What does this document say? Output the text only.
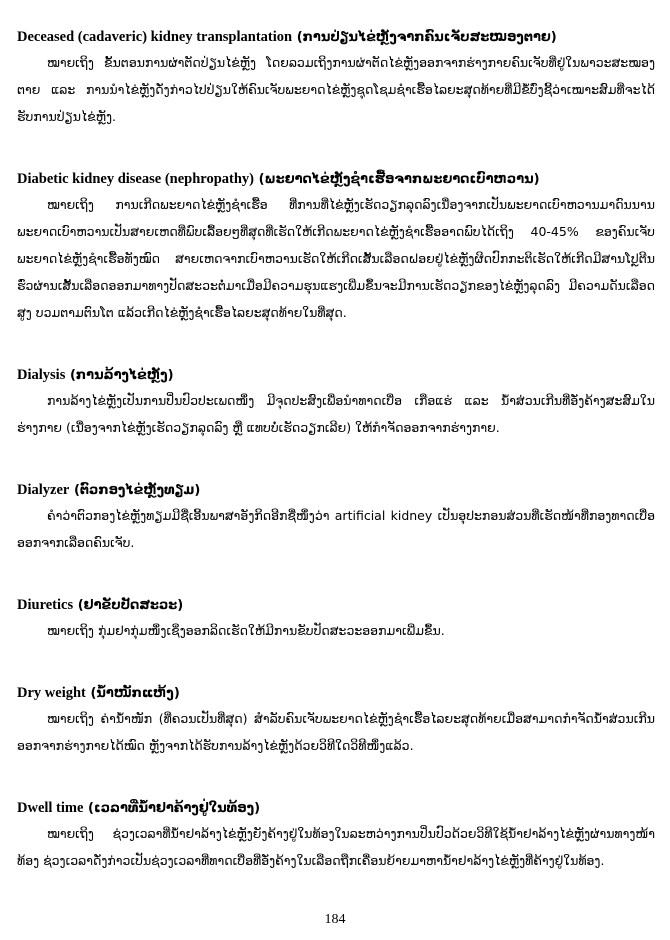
Deceased (cadaveric) kidney transplantation (ການປ່ຽນໄຂ່ຫຼັງຈາກຄົນເຈັບສະໝອງຕາຍ)

ໝາຍເຖິງ ຂັ້ນຕອນການຜ່າຕັດປ່ຽນໄຂ່ຫຼັງ ໂດຍລວມເຖິງການຜ່າຕັດໄຂ່ຫຼັງອອກຈາກຮ່າງກາຍຄົນເຈັບທີ່ຢູ່ໃນພາວະສະໝອງຕາຍ ແລະ ການນຳໄຂ່ຫຼັງດັ່ງກ່າວໄປປ່ຽນໃຫ້ຄົນເຈັບພະຍາດໄຂ່ຫຼັງຊຸດໂຊມຊຳເຮື້ອໄລຍະສຸດທ້າຍທີ່ມີຂໍ້ບົ່ງຊີ້ວ່າເໝາະສົມທີ່ຈະໄດ້ຮັບການປ່ຽນໄຂ່ຫຼັງ.

Diabetic kidney disease (nephropathy) (ພະຍາດໄຂ່ຫຼັງຊຳເຮື້ອຈາກພະຍາດເບົາຫວານ)

ໝາຍເຖິງ ການເກີດພະຍາດໄຂ່ຫຼັງຊຳເຮື້ອ ທີ່ການທີ່ໄຂ່ຫຼັງເຮັດວຽກລຸດລົງເນື່ອງຈາກເປັນພະຍາດເບົາຫວານມາດົນນານ ພະຍາດເບົາຫວານເປັນສາຍເຫດທີ່ພົບເລື້ອຍໆທີ່ສຸດທີ່ເຮັດໃຫ້ເກີດພະຍາດໄຂ່ຫຼັງຊຳເຮື້ອອາດພົບໄດ້ເຖິງ 40-45% ຂອງຄົນເຈັບພະຍາດໄຂ່ຫຼັງຊຳເຮື້ອທັງໝົດ ສາຍເຫດຈາກເບົາຫວານເຮັດໃຫ້ເກີດເສັ້ນເລືອດຝອຍຢູ່ໄຂ່ຫຼັງຜິດປົກກະຕິເຮັດໃຫ້ເກີດມີສານໂປຼຕີນຮົ່ວຜ່ານເສັ້ນເລືອດອອກມາທາງປັດສະວະຕໍ່ມາເມື່ອມີຄວາມຮຸນແຮງເພີ່ມຂຶ້ນຈະມີການເຮັດວຽກຂອງໄຂ່ຫຼັງລຸດລົງ ມີຄວາມດັນເລືອດສູງ ບວມຕາມຕົນໂຕ ແລ້ວເກີດໄຂ່ຫຼັງຊຳເຮື້ອໄລຍະສຸດທ້າຍໃນທີ່ສຸດ.

Dialysis (ການລ້າງໄຂ່ຫຼັງ)

ການລ້າງໄຂ່ຫຼັງເປັນການປິ່ນປົວປະເພດໜຶ່ງ ມີຈຸດປະສົງເພື່ອນຳທາດເບື່ອ ເກືອແຮ່ ແລະ ນ້ຳສ່ວນເກີນທີ່ອັ່ງຄ້າງສະສົມໃນຮ່າງກາຍ (ເນື່ອງຈາກໄຂ່ຫຼັງເຮັດວຽກລຸດລົງ ຫຼື ແທບບໍ່ເຮັດວຽກເລີຍ) ໃຫ້ກຳຈັດອອກຈາກຮ່າງກາຍ.

Dialyzer (ຕົວກອງໄຂ່ຫຼັງທຽມ)

ຄຳວ່າຕົວກອງໄຂ່ຫຼັງທຽມມີຊື່ເອີ້ນພາສາອັງກິດອີກຊື່ໜຶ່ງວ່າ artificial kidney ເປັນອຸປະກອນສ່ວນທີ່ເຮັດໜ້າທີ່ກອງທາດເບື່ອອອກຈາກເລືອດຄົນເຈັບ.

Diuretics (ຢາຂັບປັດສະວະ)

ໝາຍເຖິງ ກຸ່ມຢາກຸ່ມໜຶ່ງເຊິ່ງອອກລິດເຮັດໃຫ້ມີການຂັບປັດສະວະອອກມາເພີ່ມຂຶ້ນ.

Dry weight (ນ້ຳໜັກແຫ້ງ)

ໝາຍເຖິງ ຄ່ານ້ຳໜັກ (ທີ່ຄວນເປັນທີ່ສຸດ) ສຳລັບຄົນເຈັບພະຍາດໄຂ່ຫຼັງຊຳເຮື້ອໄລຍະສຸດທ້າຍເມື່ອສາມາດກຳຈັດນ້ຳສ່ວນເກີນອອກຈາກຮ່າງກາຍໄດ້ໝົດ ຫຼັງຈາກໄດ້ຮັບການລ້າງໄຂ່ຫຼັງດ້ວຍວິທີໃດວິທີໜຶ່ງແລ້ວ.

Dwell time (ເວລາທີ່ນ້ຳຢາຄ້າງຢູ່ໃນທ້ອງ)

ໝາຍເຖິງ ຊ່ວງເວລາທີ່ນ້ຳຢາລ້າງໄຂ່ຫຼັງຍັງຄ້າງຢູ່ໃນທ້ອງໃນລະຫວ່າງການປິ່ນປົວດ້ວຍວິທີໃຊ້ນ້ຳຢາລ້າງໄຂ່ຫຼັງຜ່ານທາງໜ້າທ້ອງ ຊ່ວງເວລາດັ່ງກ່າວເປັນຊ່ວງເວລາທີ່ທາດເບື່ອທີ່ອັ່ງຄ້າງໃນເລືອດຖືກເຄື່ອນຍ້າຍມາຫານ້ຳຢາລ້າງໄຂ່ຫຼັງທີ່ຄ້າງຢູ່ໃນທ້ອງ.

184
